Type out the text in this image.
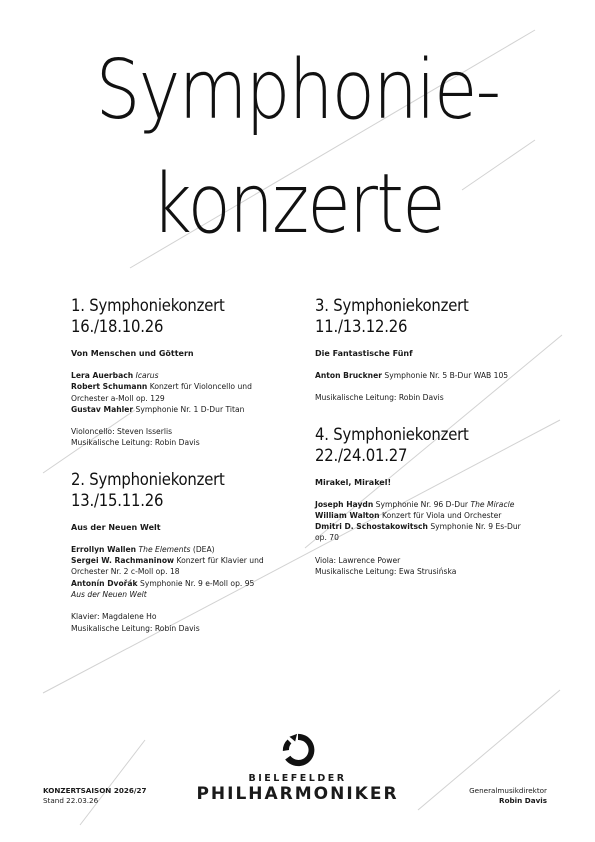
Symphonie-
konzerte
1. Symphoniekonzert
16./18.10.26
Von Menschen und Göttern
Lera Auerbach Icarus
Robert Schumann Konzert für Violoncello und
Orchester a-Moll op. 129
Gustav Mahler Symphonie Nr. 1 D-Dur Titan
Violoncello: Steven Isserlis
Musikalische Leitung: Robin Davis
2. Symphoniekonzert
13./15.11.26
Aus der Neuen Welt
Errollyn Wallen The Elements (DEA)
Sergei W. Rachmaninow Konzert für Klavier und
Orchester Nr. 2 c-Moll op. 18
Antonín Dvořák Symphonie Nr. 9 e-Moll op. 95
Aus der Neuen Welt
Klavier: Magdalene Ho
Musikalische Leitung: Robin Davis
3. Symphoniekonzert
11./13.12.26
Die Fantastische Fünf
Anton Bruckner Symphonie Nr. 5 B-Dur WAB 105
Musikalische Leitung: Robin Davis
4. Symphoniekonzert
22./24.01.27
Mirakel, Mirakel!
Joseph Haydn Symphonie Nr. 96 D-Dur The Miracle
William Walton Konzert für Viola und Orchester
Dmitri D. Schostakowitsch Symphonie Nr. 9 Es-Dur
op. 70
Viola: Lawrence Power
Musikalische Leitung: Ewa Strusińska
BIELEFELDER
PHILHARMONIKER
KONZERTSAISON 2026/27
Stand 22.03.26
Generalmusikdirektor
Robin Davis
